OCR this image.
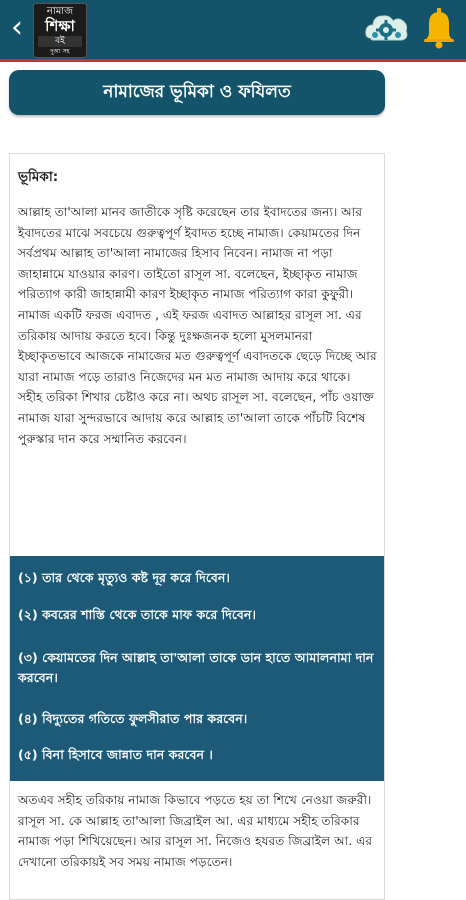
‹	নামাজ
শিক্ষা
বই
দুআ সহ
নামাজের ভূমিকা ও ফযিলত
ভূমিকা:
আল্লাহ তা'আলা মানব জাতীকে সৃষ্টি করেছেন তার ইবাদতের জন্য। আর ইবাদতের মাঝে সবচেয়ে গুরুত্বপূর্ণ ইবাদত হচ্ছে নামাজ। কেয়ামতের দিন সর্বপ্রথম আল্লাহ তা'আলা নামাজের হিসাব নিবেন। নামাজ না পড়া জাহান্নামে যাওয়ার কারণ। তাইতো রাসূল সা. বলেছেন, ইচ্ছাকৃত নামাজ পরিত্যাগ কারী জাহান্নামী কারণ ইচ্ছাকৃত নামাজ পরিত্যাগ কারা কুফুরী।
নামাজ একটি ফরজ এবাদত , এই ফরজ এবাদত আল্লাহর রাসূল সা. এর তরিকায় আদায় করতে হবে। কিন্তু দুঃক্ষজনক হলো মুসলমানরা ইচ্ছাকৃতভাবে আজকে নামাজের মত গুরুত্বপূর্ণ এবাদতকে ছেড়ে দিচ্ছে আর যারা নামাজ পড়ে তারাও নিজেদের মন মত নামাজ আদায় করে থাকে। সহীহ তরিকা শিখার চেষ্টাও করে না। অথচ রাসূল সা. বলেছেন, পাঁচ ওয়াক্ত নামাজ যারা সুন্দরভাবে আদায় করে আল্লাহ তা'আলা তাকে পাঁচটি বিশেষ পুরুস্কার দান করে সম্মানিত করবেন।
(১) তার থেকে মৃত্যুও কষ্ট দূর করে দিবেন।
(২) কবরের শাস্তি থেকে তাকে মাফ করে দিবেন।
(৩) কেয়ামতের দিন আল্লাহ তা'আলা তাকে ডান হাতে আমালনামা দান করবেন।
(৪) বিদ্যুতের গতিতে ফুলসীরাত পার করবেন।
(৫) বিনা হিসাবে জান্নাত দান করবেন ।
অতএব সহীহ তরিকায় নামাজ কিভাবে পড়তে হয় তা শিখে নেওয়া জরুরী। রাসূল সা. কে আল্লাহ তা'আলা জিব্রাইল আ. এর মাধ্যমে সহীহ তরিকার নামাজ পড়া শিখিয়েছেন। আর রাসূল সা. নিজেও হযরত জিব্রাইল আ. এর দেখানো তরিকায়ই সব সময় নামাজ পড়তেন।
